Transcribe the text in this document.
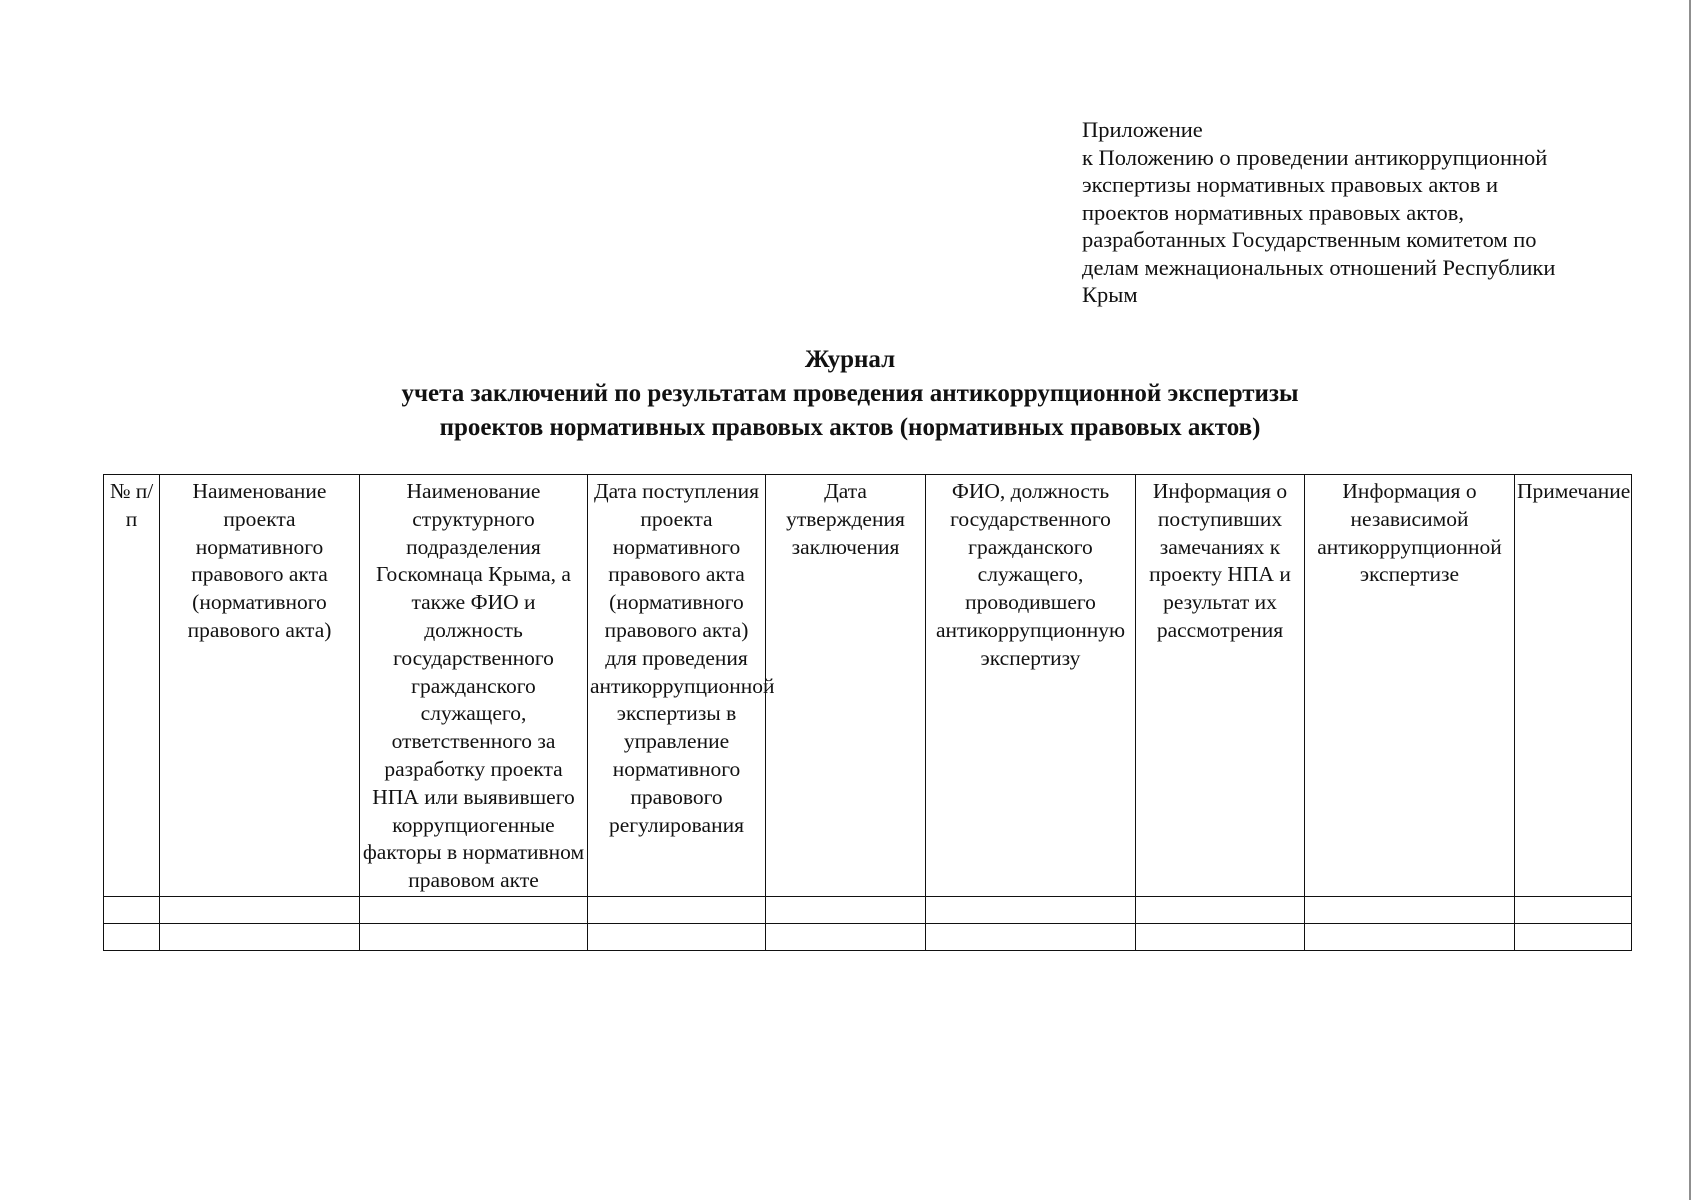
Приложение
к Положению о проведении антикоррупционной
экспертизы нормативных правовых актов и
проектов нормативных правовых актов,
разработанных Государственным комитетом по
делам межнациональных отношений Республики
Крым
Журнал
учета заключений по результатам проведения антикоррупционной экспертизы
проектов нормативных правовых актов (нормативных правовых актов)
№ п/п	Наименование проекта нормативного правового акта (нормативного правового акта)	Наименование структурного подразделения Госкомнаца Крыма, а также ФИО и должность государственного гражданского служащего, ответственного за разработку проекта НПА или выявившего коррупциогенные факторы в нормативном правовом акте	Дата поступления проекта нормативного правового акта (нормативного правового акта) для проведения антикоррупционной экспертизы в управление нормативного правового регулирования	Дата утверждения заключения	ФИО, должность государственного гражданского служащего, проводившего антикоррупционную экспертизу	Информация о поступивших замечаниях к проекту НПА и результат их рассмотрения	Информация о независимой антикоррупционной экспертизе	Примечание
